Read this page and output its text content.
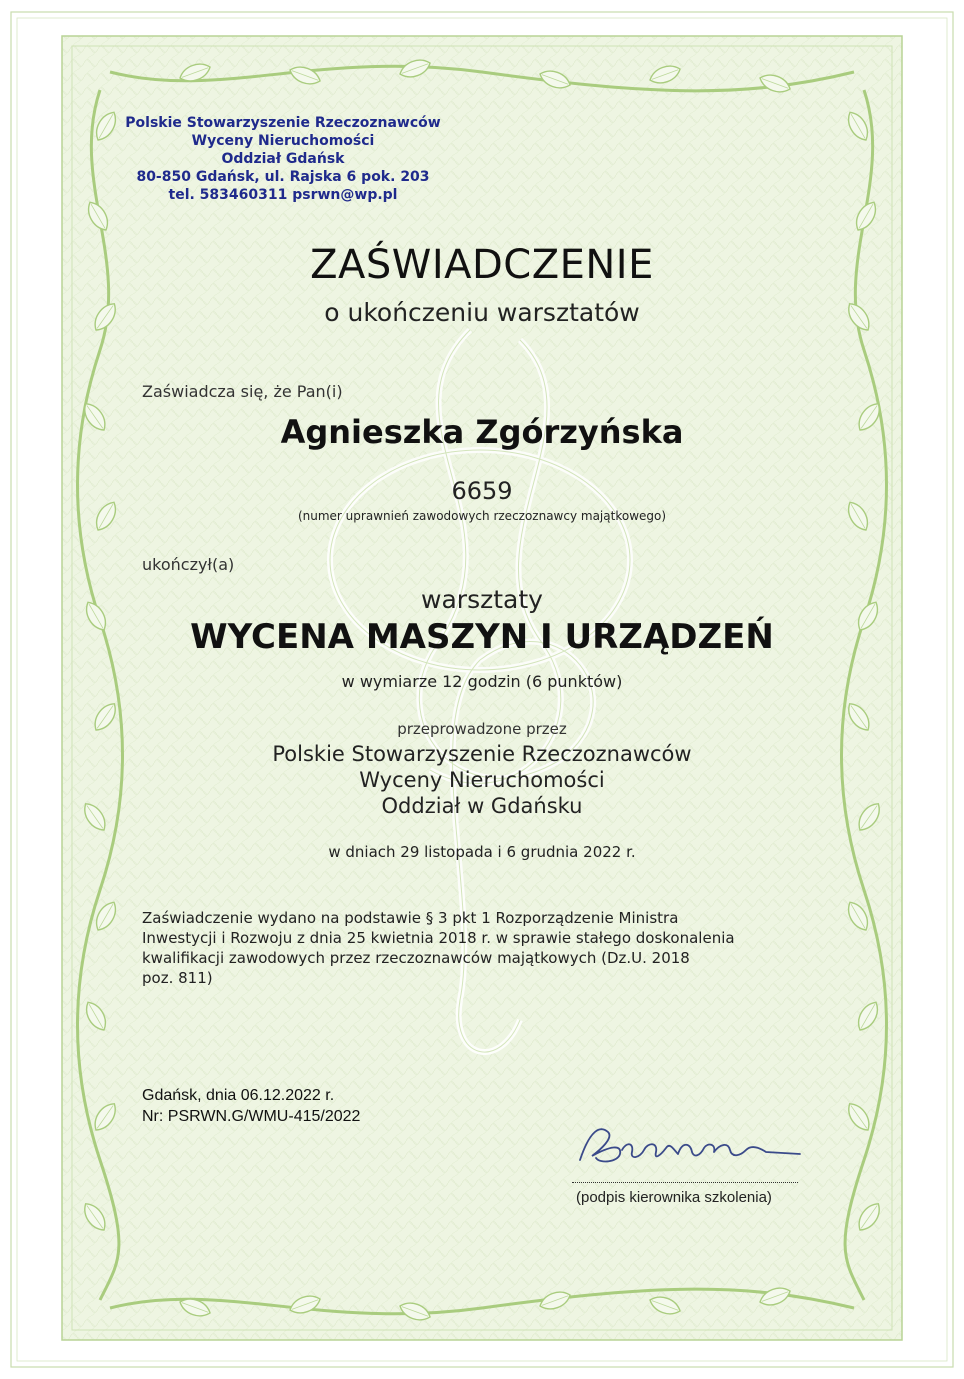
Polskie Stowarzyszenie Rzeczoznawców
Wyceny Nieruchomości
Oddział Gdańsk
80-850 Gdańsk, ul. Rajska 6 pok. 203
tel. 583460311 psrwn@wp.pl
ZAŚWIADCZENIE
o ukończeniu warsztatów
Zaświadcza się, że Pan(i)
Agnieszka Zgórzyńska
6659
(numer uprawnień zawodowych rzeczoznawcy majątkowego)
ukończył(a)
warsztaty
WYCENA MASZYN I URZĄDZEŃ
w wymiarze 12 godzin (6 punktów)
przeprowadzone przez
Polskie Stowarzyszenie Rzeczoznawców
Wyceny Nieruchomości
Oddział w Gdańsku
w dniach 29 listopada i 6 grudnia 2022 r.
Zaświadczenie wydano na podstawie § 3 pkt 1 Rozporządzenie Ministra
Inwestycji i Rozwoju z dnia 25 kwietnia 2018 r. w sprawie stałego doskonalenia
kwalifikacji zawodowych przez rzeczoznawców majątkowych (Dz.U. 2018
poz. 811)
Gdańsk, dnia 06.12.2022 r.
Nr: PSRWN.G/WMU-415/2022
(podpis kierownika szkolenia)
